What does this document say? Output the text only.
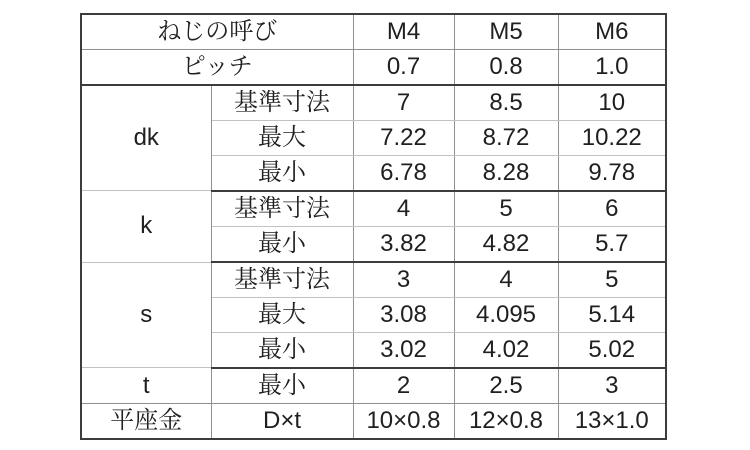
ねじの呼び		M4	M5	M6
ピッチ		0.7	0.8	1.0
dk	基準寸法	7	8.5	10
	最大	7.22	8.72	10.22
	最小	6.78	8.28	9.78
k	基準寸法	4	5	6
	最小	3.82	4.82	5.7
s	基準寸法	3	4	5
	最大	3.08	4.095	5.14
	最小	3.02	4.02	5.02
t	最小	2	2.5	3
平座金	D×t	10×0.8	12×0.8	13×1.0
